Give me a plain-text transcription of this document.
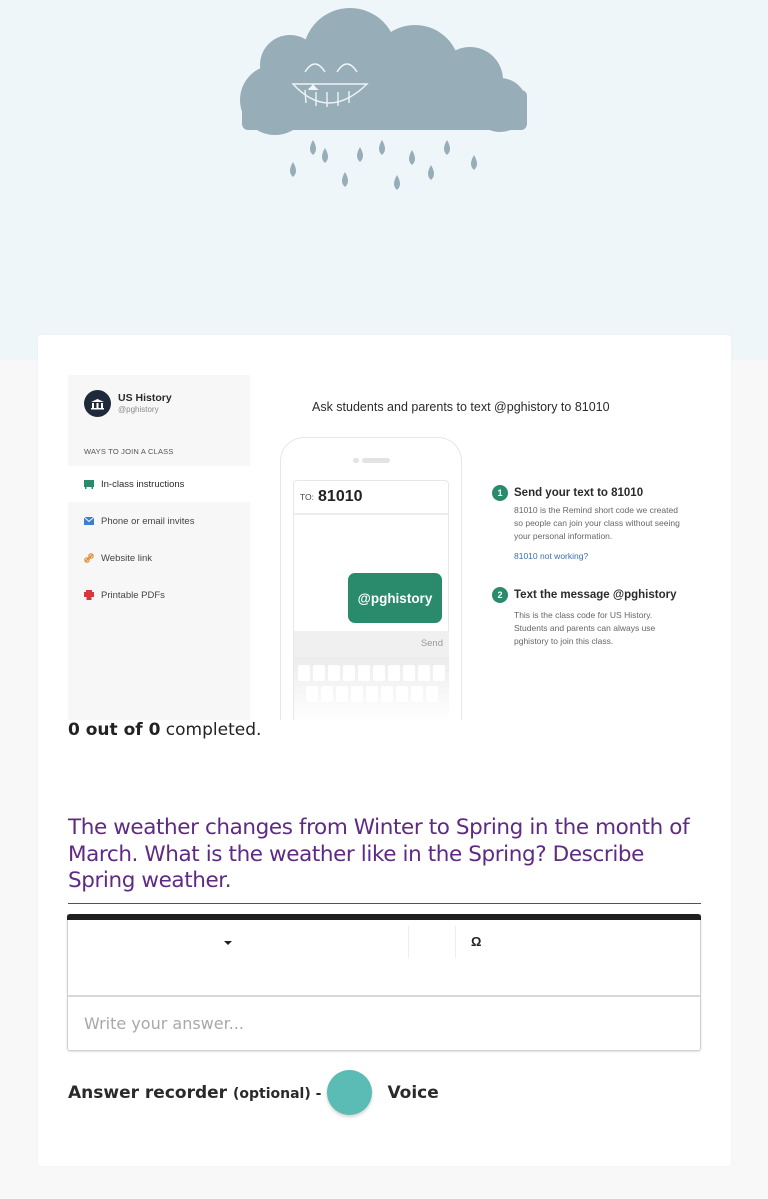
US History
@pghistory
WAYS TO JOIN A CLASS
In-class instructions
Phone or email invites
Website link
Printable PDFs
Ask students and parents to text @pghistory to 81010
TO: 81010
@pghistory
Send
1	Send your text to 81010
81010 is the Remind short code we created so people can join your class without seeing your personal information.
81010 not working?
2	Text the message @pghistory
This is the class code for US History. Students and parents can always use pghistory to join this class.
0 out of 0 completed.
The weather changes from Winter to Spring in the month of March. What is the weather like in the Spring? Describe Spring weather.
Ω
Write your answer...
Answer recorder (optional) -	Voice
